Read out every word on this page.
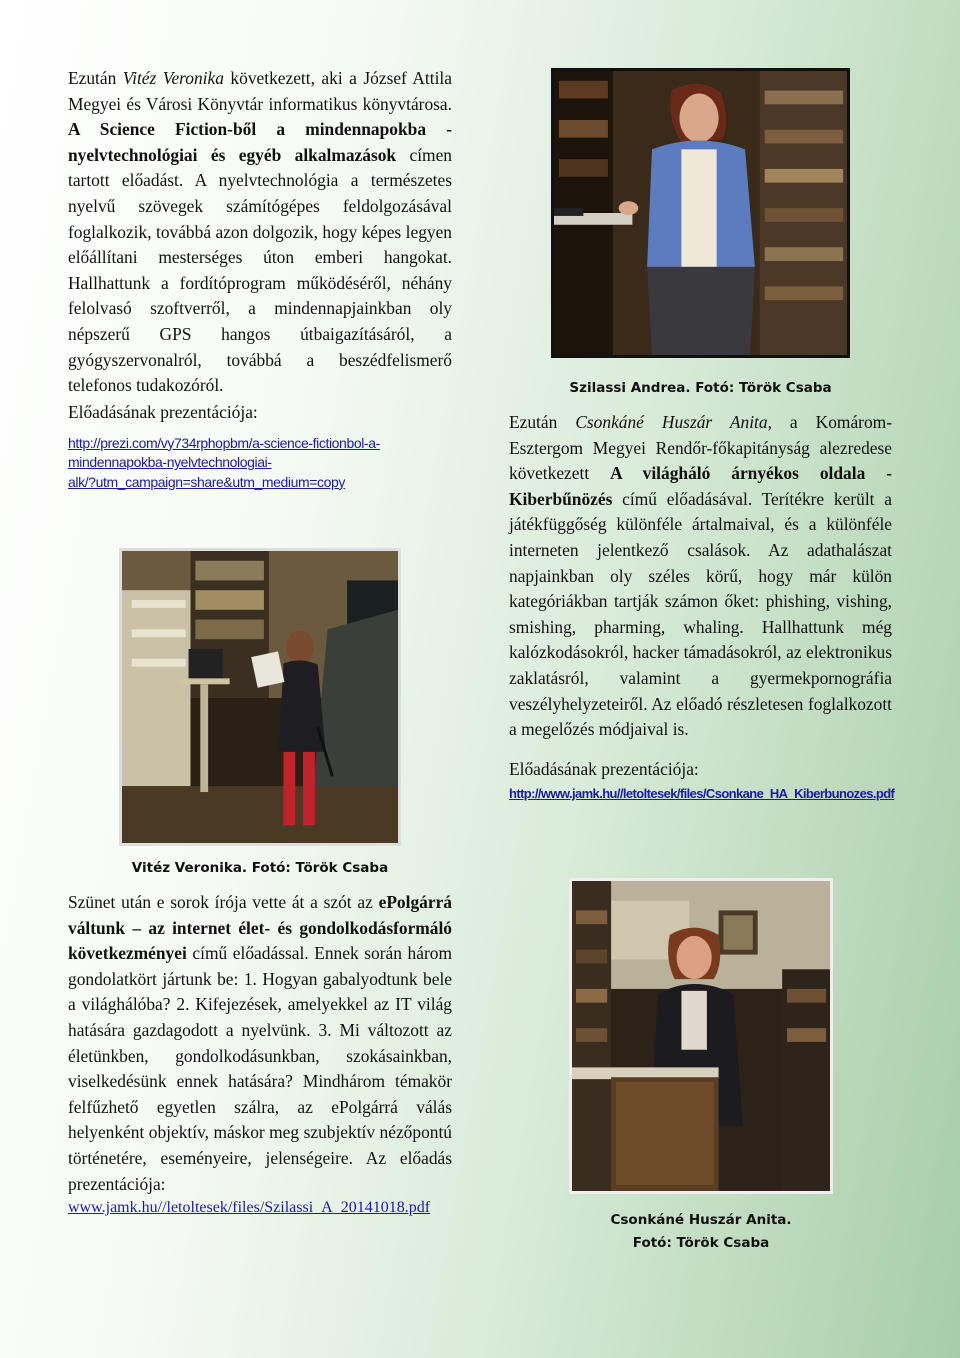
Ezután Vitéz Veronika következett, aki a József Attila Megyei és Városi Könyvtár informatikus könyvtárosa. A Science Fiction-ből a mindennapokba - nyelvtechnológiai és egyéb alkalmazások címen tartott előadást. A nyelvtechnológia a természetes nyelvű szövegek számítógépes feldolgozásával foglalkozik, továbbá azon dolgozik, hogy képes legyen előállítani mesterséges úton emberi hangokat. Hallhattunk a fordítóprogram működéséről, néhány felolvasó szoftverről, a mindennapjainkban oly népszerű GPS hangos útbaigazításáról, a gyógyszervonalról, továbbá a beszédfelismerő telefonos tudakozóról.

Előadásának prezentációja:

http://prezi.com/vy734rphopbm/a-science-fictionbol-a-
mindennapokba-nyelvtechnologiai-
alk/?utm_campaign=share&utm_medium=copy

Vitéz Veronika. Fotó: Török Csaba

Szünet után e sorok írója vette át a szót az ePolgárrá váltunk – az internet élet- és gondolkodásformáló következményei című előadással. Ennek során három gondolatkört jártunk be: 1. Hogyan gabalyodtunk bele a világhálóba? 2. Kifejezések, amelyekkel az IT világ hatására gazdagodott a nyelvünk. 3. Mi változott az életünkben, gondolkodásunkban, szokásainkban, viselkedésünk ennek hatására? Mindhárom témakör felfűzhető egyetlen szálra, az ePolgárrá válás helyenként objektív, máskor meg szubjektív nézőpontú történetére, eseményeire, jelenségeire. Az előadás prezentációja:

www.jamk.hu//letoltesek/files/Szilassi_A_20141018.pdf

Szilassi Andrea. Fotó: Török Csaba

Ezután Csonkáné Huszár Anita, a Komárom-Esztergom Megyei Rendőr-főkapitányság alezredese következett A világháló árnyékos oldala - Kiberbűnözés című előadásával. Terítékre került a játékfüggőség különféle ártalmaival, és a különféle interneten jelentkező csalások. Az adathalászat napjainkban oly széles körű, hogy már külön kategóriákban tartják számon őket: phishing, vishing, smishing, pharming, whaling. Hallhattunk még kalózkodásokról, hacker támadásokról, az elektronikus zaklatásról, valamint a gyermekpornográfia veszélyhelyzeteiről. Az előadó részletesen foglalkozott a megelőzés módjaival is.

Előadásának prezentációja:

http://www.jamk.hu//letoltesek/files/Csonkane_HA_Kiberbunozes.pdf

Csonkáné Huszár Anita.

Fotó: Török Csaba
